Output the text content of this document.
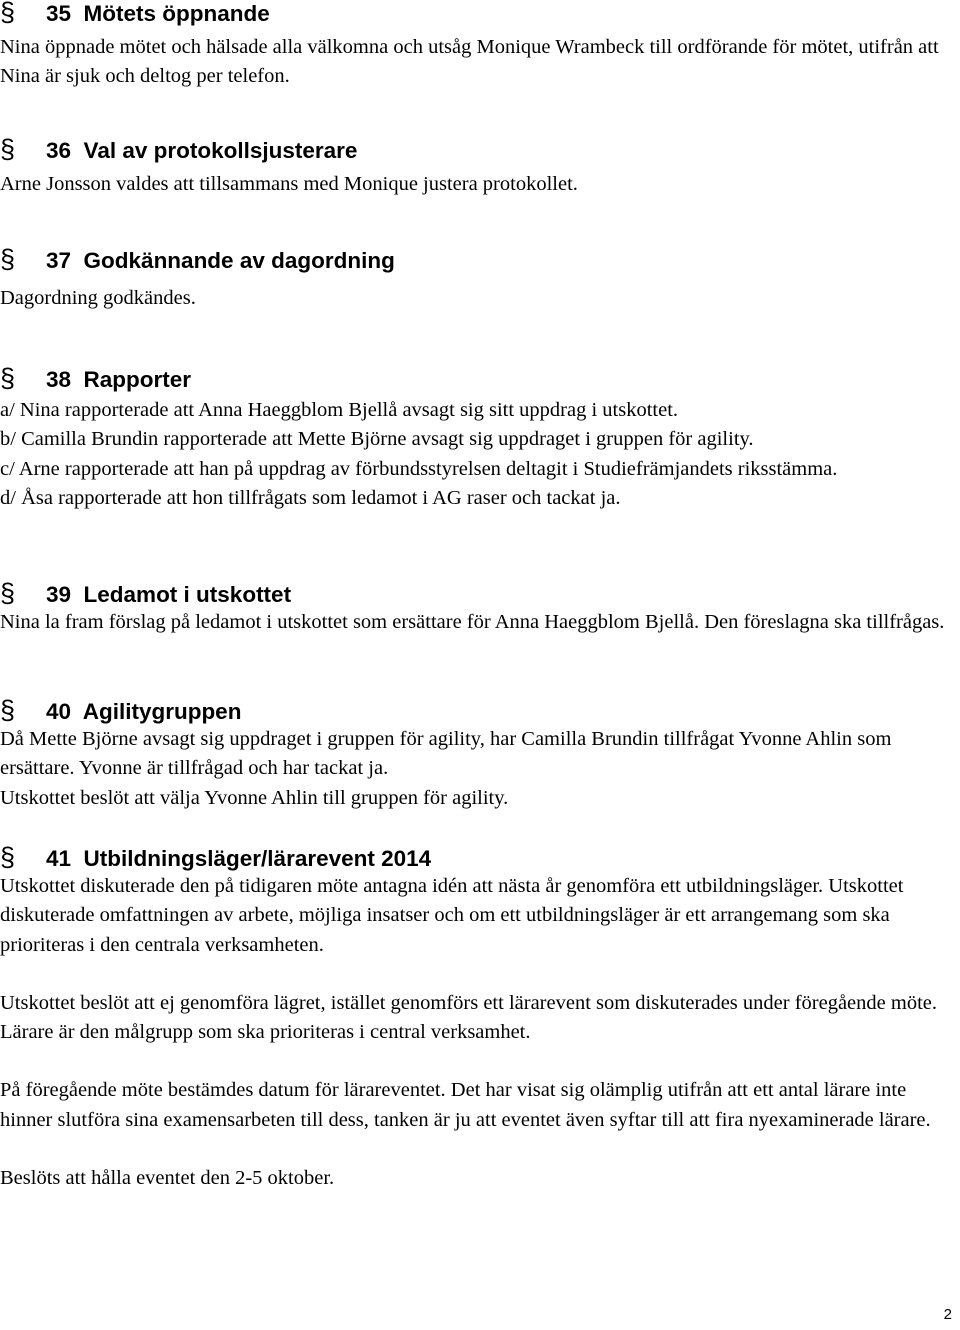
§ 35 Mötets öppnande

Nina öppnade mötet och hälsade alla välkomna och utsåg Monique Wrambeck till ordförande för mötet, utifrån att Nina är sjuk och deltog per telefon.

§ 36 Val av protokollsjusterare

Arne Jonsson valdes att tillsammans med Monique justera protokollet.

§ 37 Godkännande av dagordning

Dagordning godkändes.

§ 38 Rapporter

a/ Nina rapporterade att Anna Haeggblom Bjellå avsagt sig sitt uppdrag i utskottet.

b/ Camilla Brundin rapporterade att Mette Björne avsagt sig uppdraget i gruppen för agility.

c/ Arne rapporterade att han på uppdrag av förbundsstyrelsen deltagit i Studiefrämjandets riksstämma.

d/ Åsa rapporterade att hon tillfrågats som ledamot i AG raser och tackat ja.

§ 39 Ledamot i utskottet

Nina la fram förslag på ledamot i utskottet som ersättare för Anna Haeggblom Bjellå. Den föreslagna ska tillfrågas.

§ 40 Agilitygruppen

Då Mette Björne avsagt sig uppdraget i gruppen för agility, har Camilla Brundin tillfrågat Yvonne Ahlin som ersättare. Yvonne är tillfrågad och har tackat ja.

Utskottet beslöt att välja Yvonne Ahlin till gruppen för agility.

§ 41 Utbildningsläger/lärarevent 2014

Utskottet diskuterade den på tidigaren möte antagna idén att nästa år genomföra ett utbildningsläger. Utskottet diskuterade omfattningen av arbete, möjliga insatser och om ett utbildningsläger är ett arrangemang som ska prioriteras i den centrala verksamheten.

Utskottet beslöt att ej genomföra lägret, istället genomförs ett lärarevent som diskuterades under föregående möte. Lärare är den målgrupp som ska prioriteras i central verksamhet.

På föregående möte bestämdes datum för lärareventet. Det har visat sig olämplig utifrån att ett antal lärare inte hinner slutföra sina examensarbeten till dess, tanken är ju att eventet även syftar till att fira nyexaminerade lärare.

Beslöts att hålla eventet den 2-5 oktober.

2
